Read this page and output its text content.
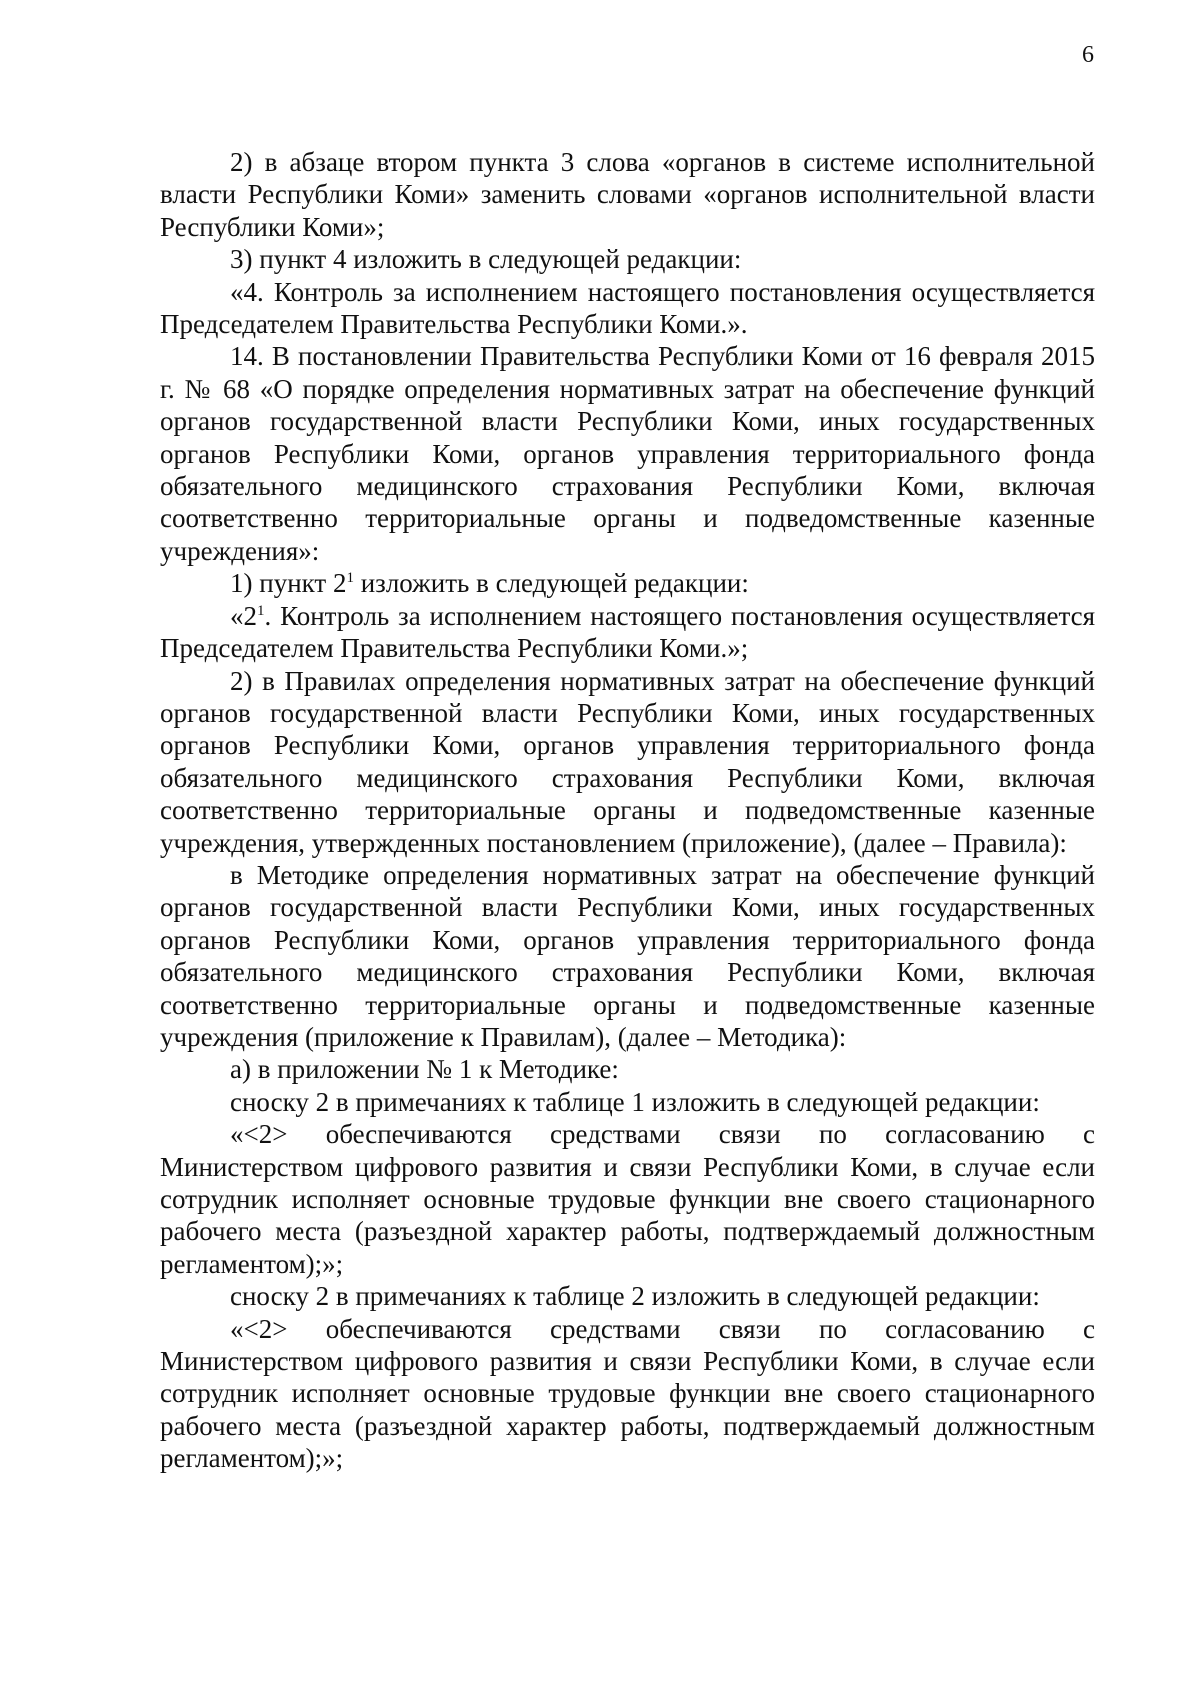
6

2) в абзаце втором пункта 3 слова «органов в системе исполнительной власти Республики Коми» заменить словами «органов исполнительной власти Республики Коми»;

3) пункт 4 изложить в следующей редакции:

«4. Контроль за исполнением настоящего постановления осуществляется Председателем Правительства Республики Коми.».

14. В постановлении Правительства Республики Коми от 16 февраля 2015 г. № 68 «О порядке определения нормативных затрат на обеспечение функций органов государственной власти Республики Коми, иных государственных органов Республики Коми, органов управления территориального фонда обязательного медицинского страхования Республики Коми, включая соответственно территориальные органы и подведомственные казенные учреждения»:

1) пункт $2^1$ изложить в следующей редакции:

«$2^1$. Контроль за исполнением настоящего постановления осуществляется Председателем Правительства Республики Коми.»;

2) в Правилах определения нормативных затрат на обеспечение функций органов государственной власти Республики Коми, иных государственных органов Республики Коми, органов управления территориального фонда обязательного медицинского страхования Республики Коми, включая соответственно территориальные органы и подведомственные казенные учреждения, утвержденных постановлением (приложение), (далее – Правила):

в Методике определения нормативных затрат на обеспечение функций органов государственной власти Республики Коми, иных государственных органов Республики Коми, органов управления территориального фонда обязательного медицинского страхования Республики Коми, включая соответственно территориальные органы и подведомственные казенные учреждения (приложение к Правилам), (далее – Методика):

а) в приложении № 1 к Методике:

сноску 2 в примечаниях к таблице 1 изложить в следующей редакции:

«<2> обеспечиваются средствами связи по согласованию с Министерством цифрового развития и связи Республики Коми, в случае если сотрудник исполняет основные трудовые функции вне своего стационарного рабочего места (разъездной характер работы, подтверждаемый должностным регламентом);»;

сноску 2 в примечаниях к таблице 2 изложить в следующей редакции:

«<2> обеспечиваются средствами связи по согласованию с Министерством цифрового развития и связи Республики Коми, в случае если сотрудник исполняет основные трудовые функции вне своего стационарного рабочего места (разъездной характер работы, подтверждаемый должностным регламентом);»;
